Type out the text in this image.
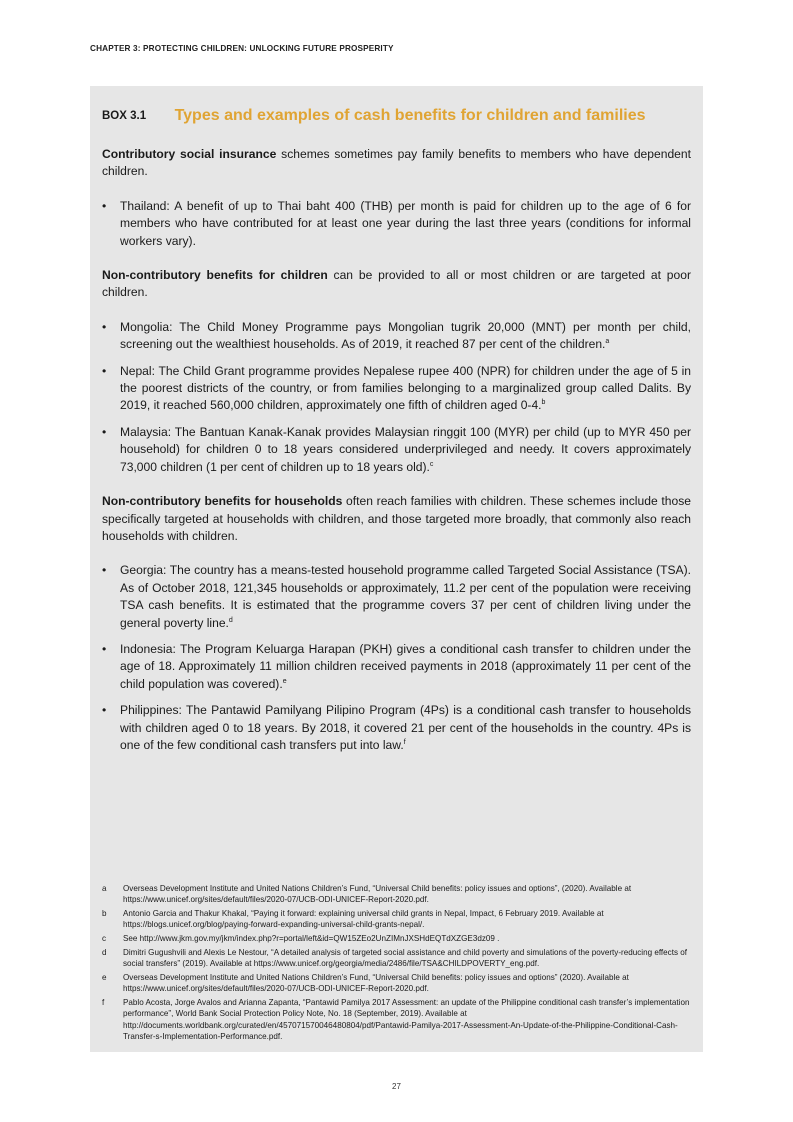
CHAPTER 3: PROTECTING CHILDREN: UNLOCKING FUTURE PROSPERITY
BOX 3.1 Types and examples of cash benefits for children and families

Contributory social insurance schemes sometimes pay family benefits to members who have dependent children.

• Thailand: A benefit of up to Thai baht 400 (THB) per month is paid for children up to the age of 6 for members who have contributed for at least one year during the last three years (conditions for informal workers vary).

Non-contributory benefits for children can be provided to all or most children or are targeted at poor children.

• Mongolia: The Child Money Programme pays Mongolian tugrik 20,000 (MNT) per month per child, screening out the wealthiest households. As of 2019, it reached 87 per cent of the children.$^a$
• Nepal: The Child Grant programme provides Nepalese rupee 400 (NPR) for children under the age of 5 in the poorest districts of the country, or from families belonging to a marginalized group called Dalits. By 2019, it reached 560,000 children, approximately one fifth of children aged 0-4.$^b$
• Malaysia: The Bantuan Kanak-Kanak provides Malaysian ringgit 100 (MYR) per child (up to MYR 450 per household) for children 0 to 18 years considered underprivileged and needy. It covers approximately 73,000 children (1 per cent of children up to 18 years old).$^c$

Non-contributory benefits for households often reach families with children. These schemes include those specifically targeted at households with children, and those targeted more broadly, that commonly also reach households with children.

• Georgia: The country has a means-tested household programme called Targeted Social Assistance (TSA). As of October 2018, 121,345 households or approximately, 11.2 per cent of the population were receiving TSA cash benefits. It is estimated that the programme covers 37 per cent of children living under the general poverty line.$^d$
• Indonesia: The Program Keluarga Harapan (PKH) gives a conditional cash transfer to children under the age of 18. Approximately 11 million children received payments in 2018 (approximately 11 per cent of the child population was covered).$^e$
• Philippines: The Pantawid Pamilyang Pilipino Program (4Ps) is a conditional cash transfer to households with children aged 0 to 18 years. By 2018, it covered 21 per cent of the households in the country. 4Ps is one of the few conditional cash transfers put into law.$^f$
a	Overseas Development Institute and United Nations Children’s Fund, “Universal Child benefits: policy issues and options”, (2020). Available at https://www.unicef.org/sites/default/files/2020-07/UCB-ODI-UNICEF-Report-2020.pdf.
b	Antonio Garcia and Thakur Khakal, “Paying it forward: explaining universal child grants in Nepal, Impact, 6 February 2019. Available at https://blogs.unicef.org/blog/paying-forward-expanding-universal-child-grants-nepal/.
c	See http://www.jkm.gov.my/jkm/index.php?r=portal/left&id=QW15ZEo2UnZIMnJXSHdEQTdXZGE3dz09 .
d	Dimitri Gugushvili and Alexis Le Nestour, “A detailed analysis of targeted social assistance and child poverty and simulations of the poverty-reducing effects of social transfers” (2019). Available at https://www.unicef.org/georgia/media/2486/file/TSA&CHILDPOVERTY_eng.pdf.
e	Overseas Development Institute and United Nations Children’s Fund, “Universal Child benefits: policy issues and options” (2020). Available at https://www.unicef.org/sites/default/files/2020-07/UCB-ODI-UNICEF-Report-2020.pdf.
f	Pablo Acosta, Jorge Avalos and Arianna Zapanta, “Pantawid Pamilya 2017 Assessment: an update of the Philippine conditional cash transfer’s implementation performance”, World Bank Social Protection Policy Note, No. 18 (September, 2019). Available at http://documents.worldbank.org/curated/en/457071570046480804/pdf/Pantawid-Pamilya-2017-Assessment-An-Update-of-the-Philippine-Conditional-Cash-Transfer-s-Implementation-Performance.pdf.
27
